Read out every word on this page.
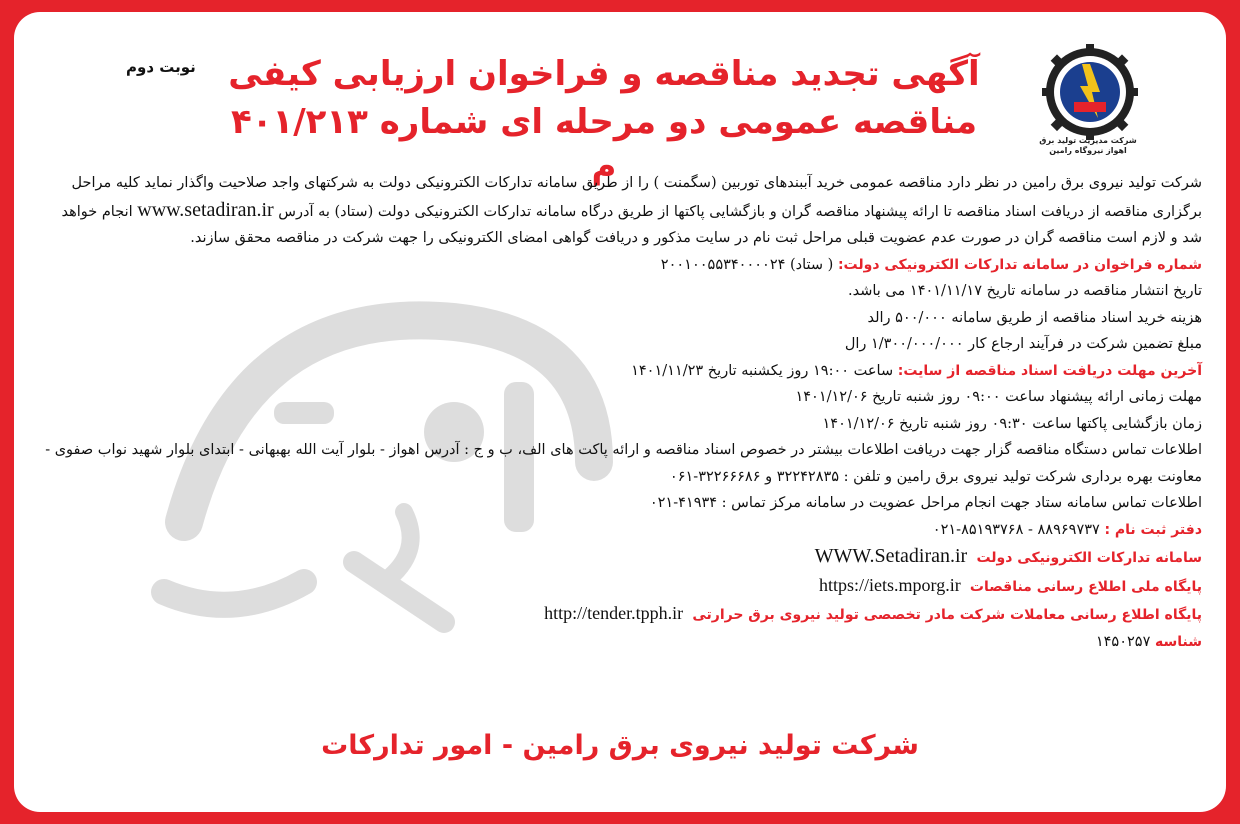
نوبت دوم آگهی تجدید مناقصه و فراخوان ارزیابی کیفی
مناقصه عمومی دو مرحله ای شماره ۴۰۱/۲۱۳ م
شرکت مدیریت تولید برق اهواز نیروگاه رامین

شرکت تولید نیروی برق رامین در نظر دارد مناقصه عمومی خرید آببندهای توربین (سگمنت ) را از طریق سامانه تدارکات الکترونیکی دولت به شرکتهای واجد صلاحیت واگذار نماید کلیه مراحل برگزاری مناقصه از دریافت اسناد مناقصه تا ارائه پیشنهاد مناقصه گران و بازگشایی پاکتها از طریق درگاه سامانه تدارکات الکترونیکی دولت (ستاد) به آدرس www.setadiran.ir انجام خواهد شد و لازم است مناقصه گران در صورت عدم عضویت قبلی مراحل ثبت نام در سایت مذکور و دریافت گواهی امضای الکترونیکی را جهت شرکت در مناقصه محقق سازند.

شماره فراخوان در سامانه تدارکات الکترونیکی دولت: ( ستاد) ۲۰۰۱۰۰۵۵۳۴۰۰۰۰۲۴

تاریخ انتشار مناقصه در سامانه تاریخ ۱۴۰۱/۱۱/۱۷ می باشد.

هزینه خرید اسناد مناقصه از طریق سامانه ۵۰۰/۰۰۰ رالد

مبلغ تضمین شرکت در فرآیند ارجاع کار ۱/۳۰۰/۰۰۰/۰۰۰ رال

آخرین مهلت دریافت اسناد مناقصه از سایت: ساعت ۱۹:۰۰ روز یکشنبه تاریخ ۱۴۰۱/۱۱/۲۳

مهلت زمانی ارائه پیشنهاد ساعت ۰۹:۰۰ روز شنبه تاریخ ۱۴۰۱/۱۲/۰۶

زمان بازگشایی پاکتها ساعت ۰۹:۳۰ روز شنبه تاریخ ۱۴۰۱/۱۲/۰۶

اطلاعات تماس دستگاه مناقصه گزار جهت دریافت اطلاعات بیشتر در خصوص اسناد مناقصه و ارائه پاکت های الف، ب و ج : آدرس اهواز - بلوار آیت الله بهبهانی - ابتدای بلوار شهید نواب صفوی - معاونت بهره برداری شرکت تولید نیروی برق رامین و تلفن : ۳۲۲۴۲۸۳۵ و ۳۲۲۶۶۶۸۶-۰۶۱

اطلاعات تماس سامانه ستاد جهت انجام مراحل عضویت در سامانه مرکز تماس : ۴۱۹۳۴-۰۲۱

دفتر ثبت نام : ۸۸۹۶۹۷۳۷ - ۸۵۱۹۳۷۶۸-۰۲۱

سامانه تدارکات الکترونیکی دولت  WWW.Setadiran.ir

پایگاه ملی اطلاع رسانی مناقصات  https://iets.mporg.ir

پایگاه اطلاع رسانی معاملات شرکت مادر تخصصی تولید نیروی برق حرارتی  http://tender.tpph.ir

شناسه ۱۴۵۰۲۵۷

شرکت تولید نیروی برق رامین - امور تدارکات
